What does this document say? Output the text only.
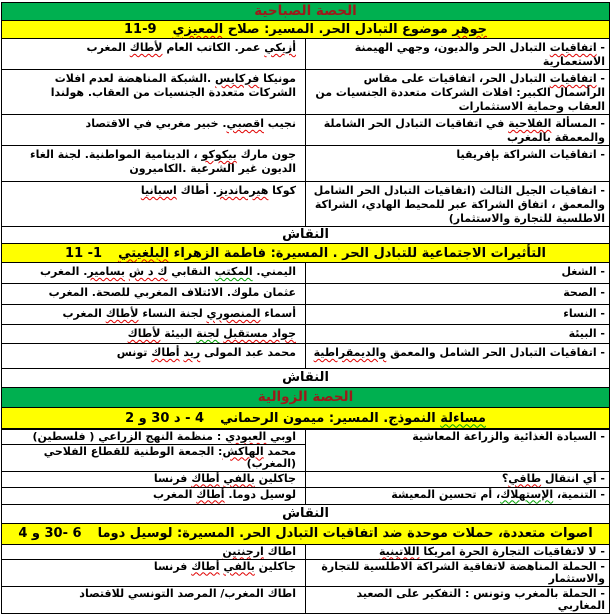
الحصة الصباحية	

11-9 جوهر موضوع التبادل الحر. المسير: صلاح المعيزي	

- اتفاقيات التبادل الحر والديون، وجهي الهيمنة الاستعمارية	أزيكي عمر. الكاتب العام لأطاك المغرب
- اتفاقيات التبادل الحر، اتفاقيات على مقاس الرأسمال الكبير: افلات الشركات متعددة الجنسيات من العقاب وحماية الاستثمارات	مونيكا فركايس .الشبكة المناهضة لعدم افلات الشركات متعددة الجنسيات من العقاب. هولندا
- المسألة الفلاحية في اتفاقيات التبادل الحر الشاملة والمعمقة بالمغرب	نجيب اقصبي. خبير مغربي في الاقتصاد
- اتفاقيات الشراكة بإفريقيا	جون مارك بيكوكو ، الدينامية المواطنية. لجنة الغاء الديون غير الشرعية .الكاميرون
- اتفاقيات الجيل الثالث (اتفاقيات التبادل الحر الشامل والمعمق ، اتفاق الشراكة عبر للمحيط الهادي، الشراكة الاطلسية للتجارة والاستثمار)	كوكا هيرمانديز. أطاك اسبانيا
النقاش	

11 -1 التأثيرات الاجتماعية للتبادل الحر . المسيرة: فاطمة الزهراء البلغيتي	

- الشغل	اليمني. المكتب النقابي ك د ش بسامير. المغرب
- الصحة	عثمان ملوك. الائتلاف المغربي للصحة. المغرب
- النساء	أسماء المنصوري لجنة النساء لأطاك المغرب
- البيئة	جواد مستقبل لجنة البيئة لأطاك
- اتفاقيات التبادل الحر الشامل والمعمق والديمقراطية	محمد عبد المولى ريد أطاك تونس
النقاش	
الحصة الزوالية	

2 و 30 د - 4 مساءلة النموذج. المسير: ميمون الرحماني	
- السيادة الغذائية والزراعة المعاشية	اوبي العبودي : منظمة النهج الزراعي ( فلسطين)
	محمد الهاكش: الجمعة الوطنية للقطاع الفلاحي (المغرب)
- أي انتقال طاقي؟	جاكلين بالفي أطاك فرنسا
- التنمية، الإستهلاك، أم تحسين المعيشة	لوسيل دوما. أطاك المغرب
النقاش	

4 و 30- 6 اصوات متعددة، حملات موحدة ضد اتفاقيات التبادل الحر. المسيرة: لوسيل دوما	

- لا لاتفاقيات التجارة الحرة امريكا اللاتينية	اطاك ارجنتين
- الحملة المناهضة لاتفاقية الشراكة الاطلسية للتجارة والاستثمار	جاكلين بالفي أطاك فرنسا
- الحملة بالمغرب وتونس : التفكير على الصعيد المغاربي	اطاك المغرب/ المرصد التونسي للاقتصاد
